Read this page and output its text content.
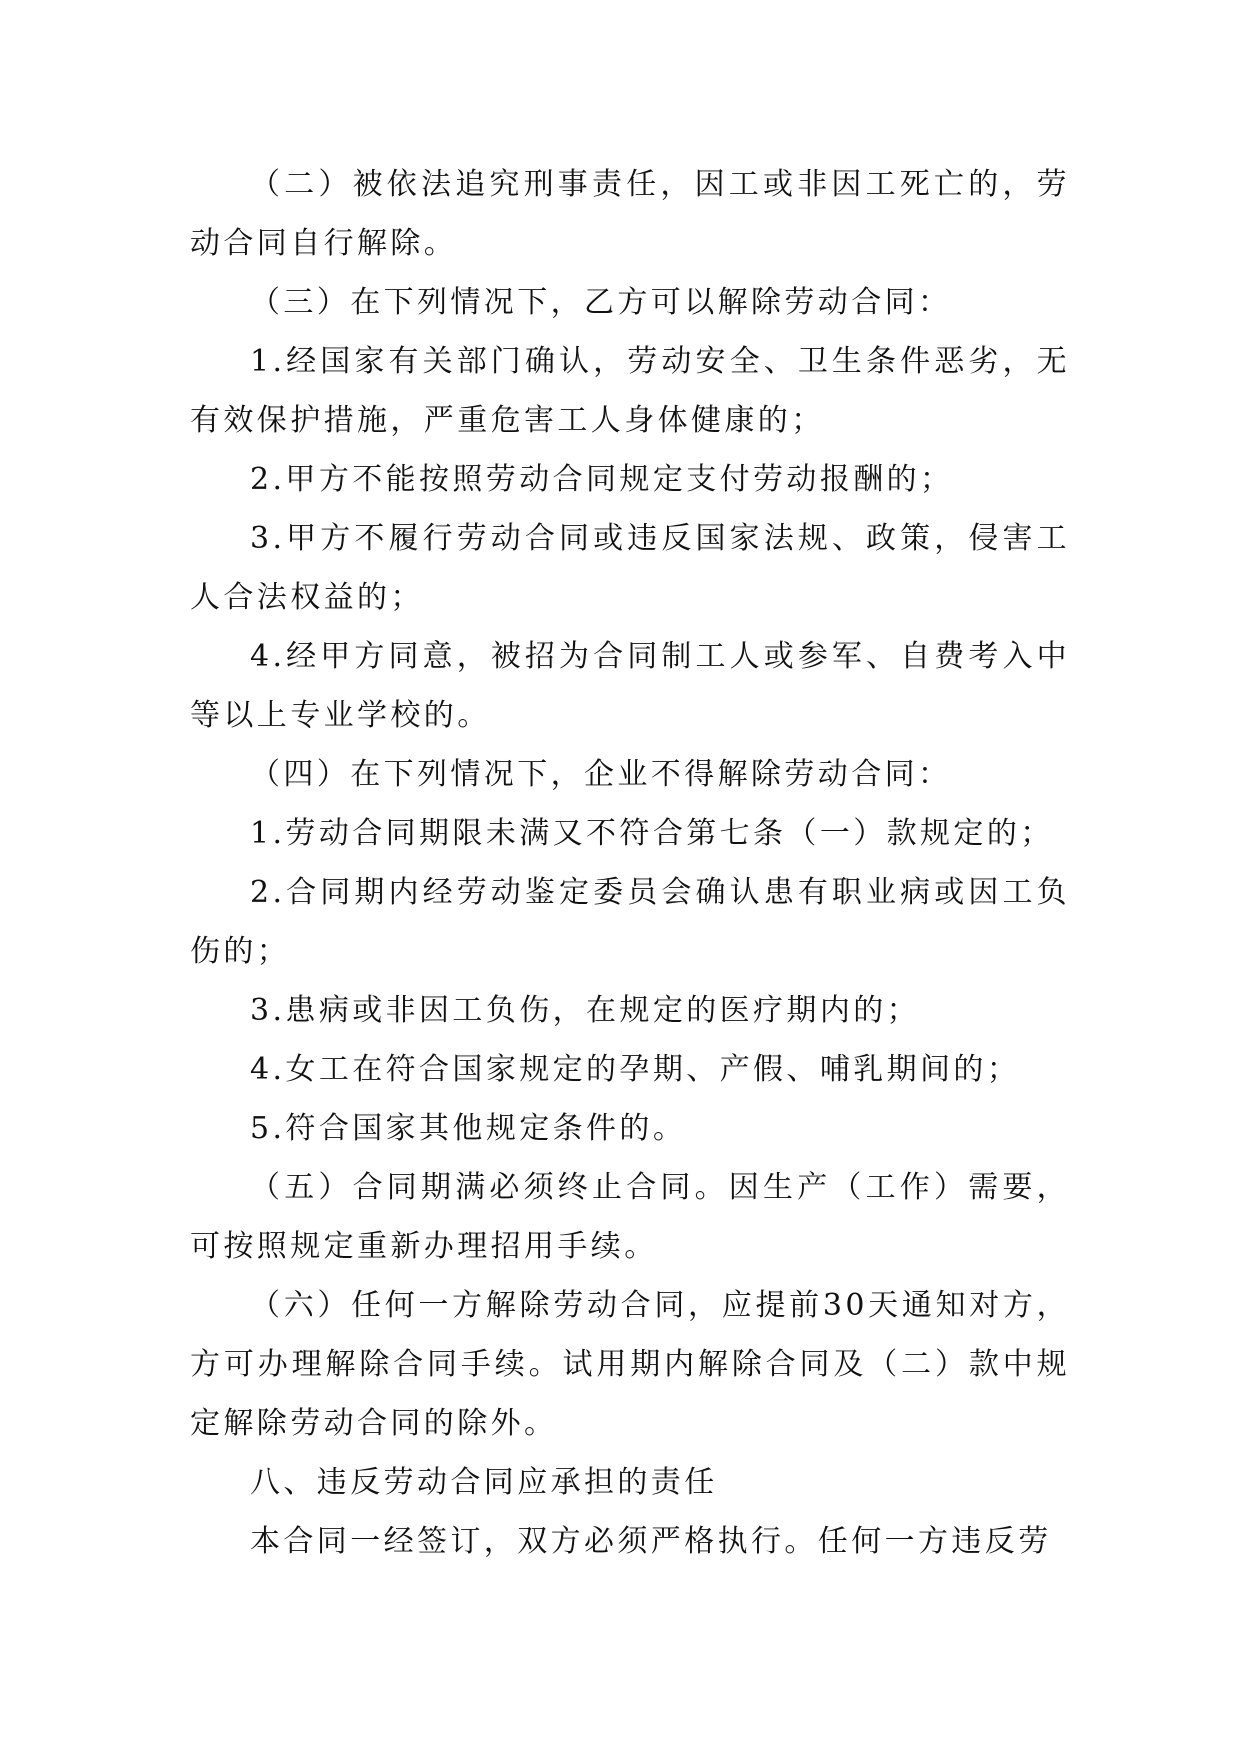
（二）被依法追究刑事责任，因工或非因工死亡的，劳动合同自行解除。

（三）在下列情况下，乙方可以解除劳动合同：

1.经国家有关部门确认，劳动安全、卫生条件恶劣，无有效保护措施，严重危害工人身体健康的；

2.甲方不能按照劳动合同规定支付劳动报酬的；

3.甲方不履行劳动合同或违反国家法规、政策，侵害工人合法权益的；

4.经甲方同意，被招为合同制工人或参军、自费考入中等以上专业学校的。

（四）在下列情况下，企业不得解除劳动合同：

1.劳动合同期限未满又不符合第七条（一）款规定的；

2.合同期内经劳动鉴定委员会确认患有职业病或因工负伤的；

3.患病或非因工负伤，在规定的医疗期内的；

4.女工在符合国家规定的孕期、产假、哺乳期间的；

5.符合国家其他规定条件的。

（五）合同期满必须终止合同。因生产（工作）需要，可按照规定重新办理招用手续。

（六）任何一方解除劳动合同，应提前30天通知对方，方可办理解除合同手续。试用期内解除合同及（二）款中规定解除劳动合同的除外。

八、违反劳动合同应承担的责任

本合同一经签订，双方必须严格执行。任何一方违反劳
